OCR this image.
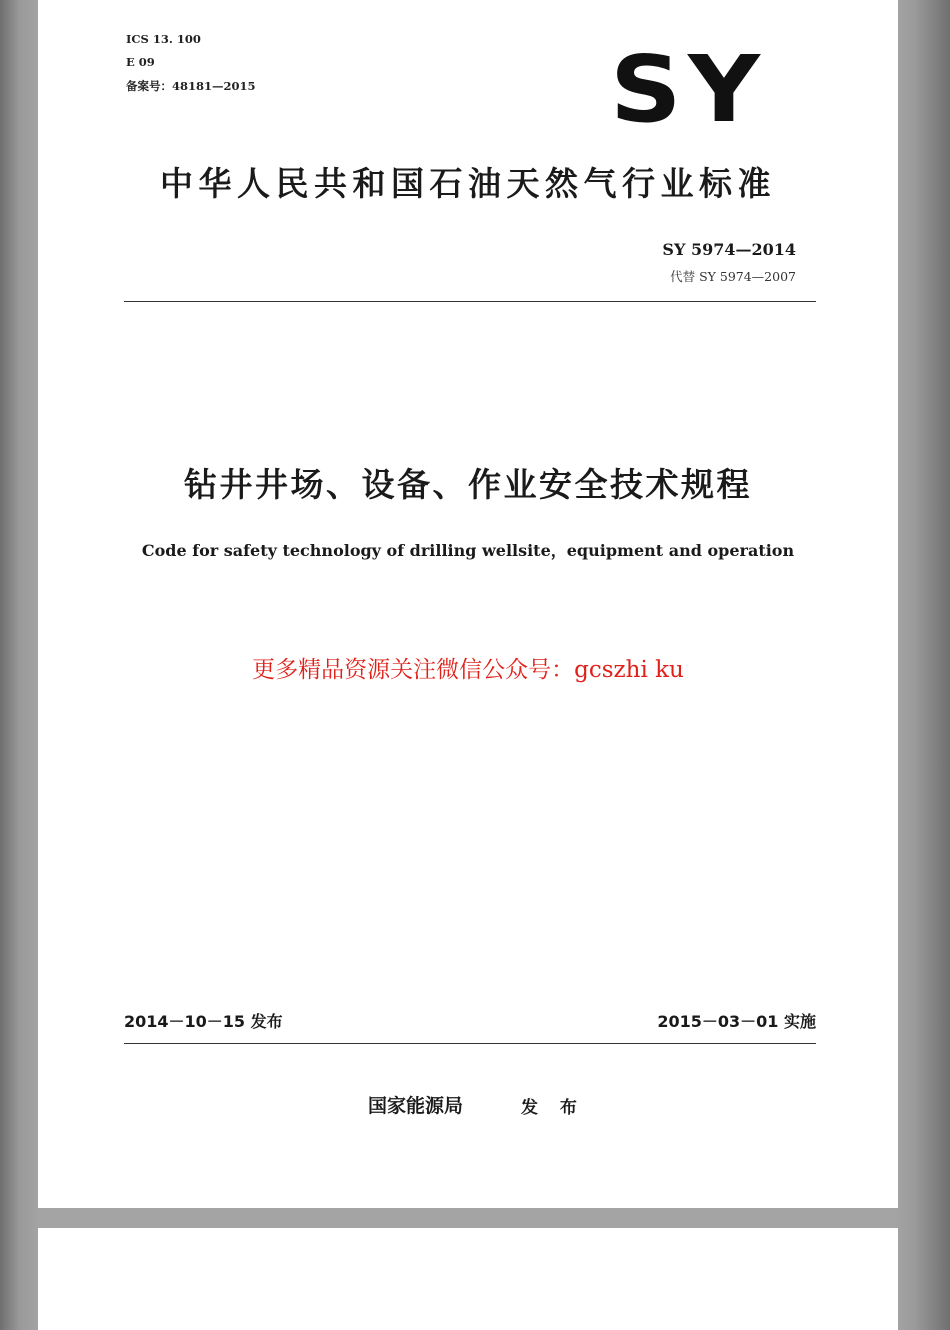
ICS 13. 100

E 09

备案号：48181—2015	SY
中华人民共和国石油天然气行业标准

SY 5974—2014

代替 SY 5974—2007

钻井井场、设备、作业安全技术规程

Code for safety technology of drilling wellsite，equipment and operation

更多精品资源关注微信公众号：gcszhi ku

2014－10－15 发布	2015－03－01 实施

国家能源局	发 布
